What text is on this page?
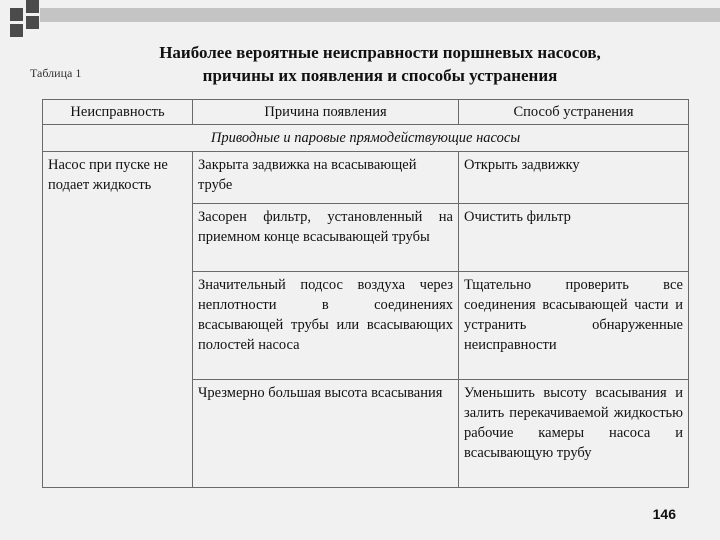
Наиболее вероятные неисправности поршневых насосов,
причины их появления и способы устранения
Таблица 1
Неисправность	Причина появления	Способ устранения
Приводные и паровые прямодействующие насосы		
Насос при пуске не подает жидкость	Закрыта задвижка на всасывающей трубе	Открыть задвижку
	Засорен фильтр, установленный на приемном конце всасывающей трубы	Очистить фильтр
	Значительный подсос воздуха через неплотности в соединениях всасывающей трубы или всасывающих полостей насоса	Тщательно проверить все соединения всасывающей части и устранить обнаруженные неисправности
	Чрезмерно большая высота всасывания	Уменьшить высоту всасывания и залить перекачиваемой жидкостью рабочие камеры насоса и всасывающую трубу
146
